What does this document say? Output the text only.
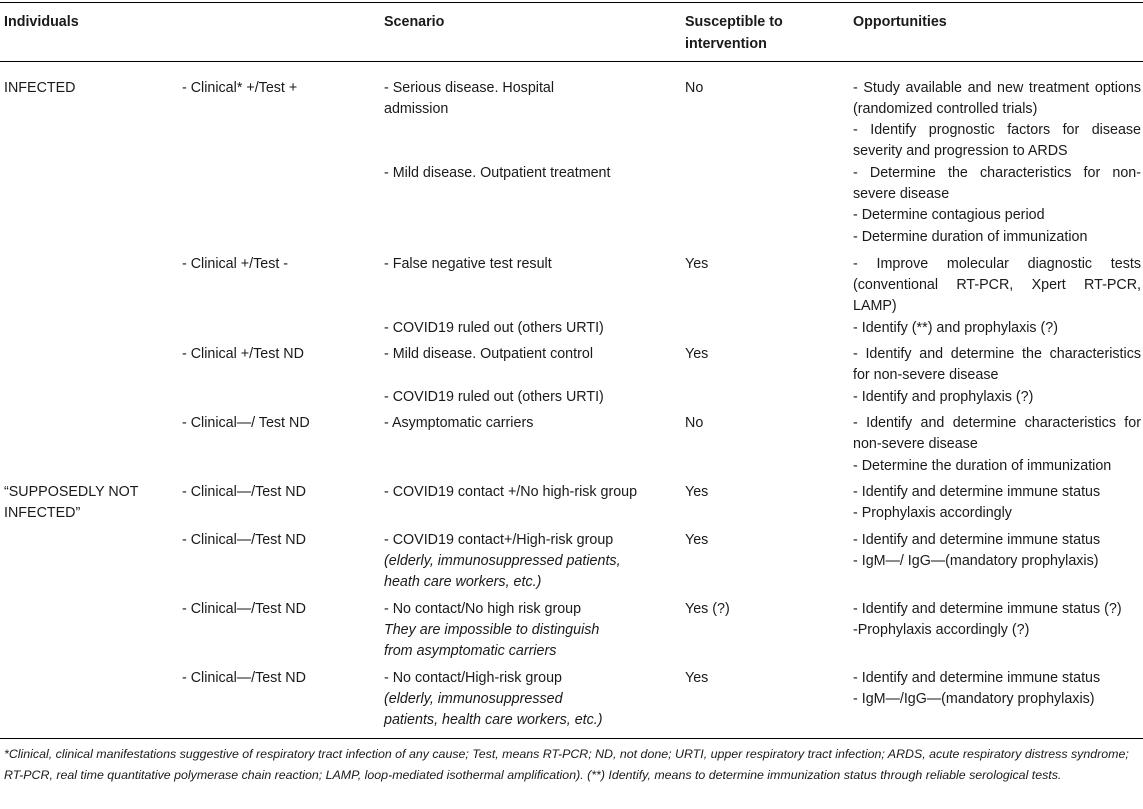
Individuals	Scenario	Susceptible to intervention
Opportunities
INFECTED
“SUPPOSEDLY NOT INFECTED”
- Clinical* +/Test +
- Clinical +/Test -
- Clinical +/Test ND
- Clinical—/ Test ND
- Clinical—/Test ND
- Clinical—/Test ND
- Clinical—/Test ND
- Clinical—/Test ND
- Serious disease. Hospital admission
- Mild disease. Outpatient treatment
- False negative test result
- COVID19 ruled out (others URTI)
- Mild disease. Outpatient control
- COVID19 ruled out (others URTI)
- Asymptomatic carriers
- COVID19 contact +/No high-risk group
- COVID19 contact+/High-risk group (elderly, immunosuppressed patients, heath care workers, etc.)
- No contact/No high risk group
They are impossible to distinguish from asymptomatic carriers
- No contact/High-risk group
(elderly, immunosuppressed patients, health care workers, etc.)
No
Yes
Yes
No
Yes
Yes
Yes (?)
Yes
- Study available and new treatment options (randomized controlled trials)
- Identify prognostic factors for disease severity and progression to ARDS
- Determine the characteristics for non-severe disease
- Determine contagious period
- Determine duration of immunization
- Improve molecular diagnostic tests (conventional RT-PCR, Xpert RT-PCR, LAMP)
- Identify (**) and prophylaxis (?)
- Identify and determine the characteristics for non-severe disease
- Identify and prophylaxis (?)
- Identify and determine characteristics for non-severe disease
- Determine the duration of immunization
- Identify and determine immune status
- Prophylaxis accordingly
- Identify and determine immune status
- IgM—/ IgG—(mandatory prophylaxis)
- Identify and determine immune status (?)
-Prophylaxis accordingly (?)
- Identify and determine immune status
- IgM—/IgG—(mandatory prophylaxis)
*Clinical, clinical manifestations suggestive of respiratory tract infection of any cause; Test, means RT-PCR; ND, not done; URTI, upper respiratory tract infection; ARDS, acute respiratory distress syndrome; RT-PCR, real time quantitative polymerase chain reaction; LAMP, loop-mediated isothermal amplification). (**) Identify, means to determine immunization status through reliable serological tests.
